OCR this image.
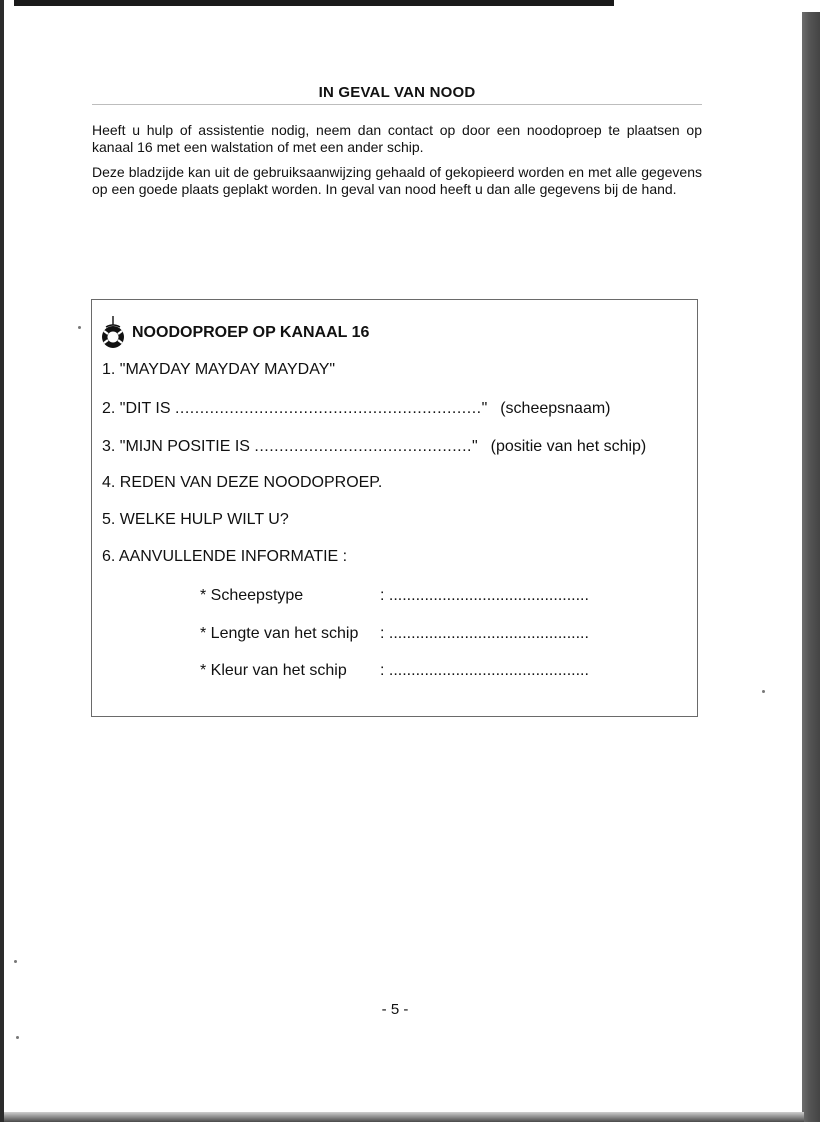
IN GEVAL VAN NOOD

Heeft u hulp of assistentie nodig, neem dan contact op door een noodoproep te plaatsen op kanaal 16 met een walstation of met een ander schip.

Deze bladzijde kan uit de gebruiksaanwijzing gehaald of gekopieerd worden en met alle gegevens op een goede plaats geplakt worden. In geval van nood heeft u dan alle gegevens bij de hand.

NOODOPROEP OP KANAAL 16
1. "MAYDAY MAYDAY MAYDAY"
2. "DIT IS .............................................................." (scheepsnaam)
3. "MIJN POSITIE IS ............................................" (positie van het schip)
4. REDEN VAN DEZE NOODOPROEP.
5. WELKE HULP WILT U?
6. AANVULLENDE INFORMATIE :
* Scheepstype	: .............................................
* Lengte van het schip	: .............................................
* Kleur van het schip	: .............................................
- 5 -
